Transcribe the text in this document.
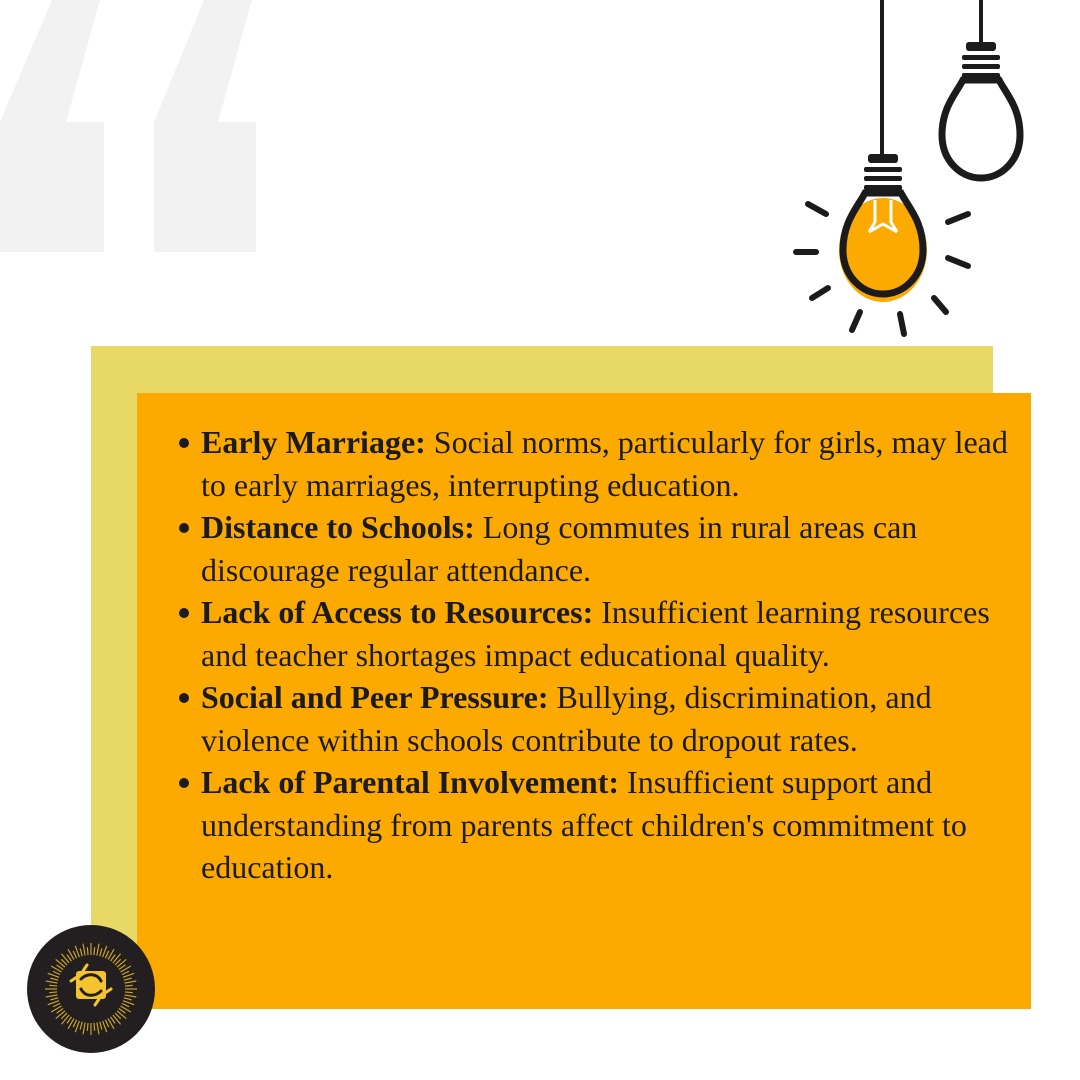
Early Marriage: Social norms, particularly for girls, may lead to early marriages, interrupting education.
Distance to Schools: Long commutes in rural areas can discourage regular attendance.
Lack of Access to Resources: Insufficient learning resources and teacher shortages impact educational quality.
Social and Peer Pressure: Bullying, discrimination, and violence within schools contribute to dropout rates.
Lack of Parental Involvement: Insufficient support and understanding from parents affect children's commitment to education.
